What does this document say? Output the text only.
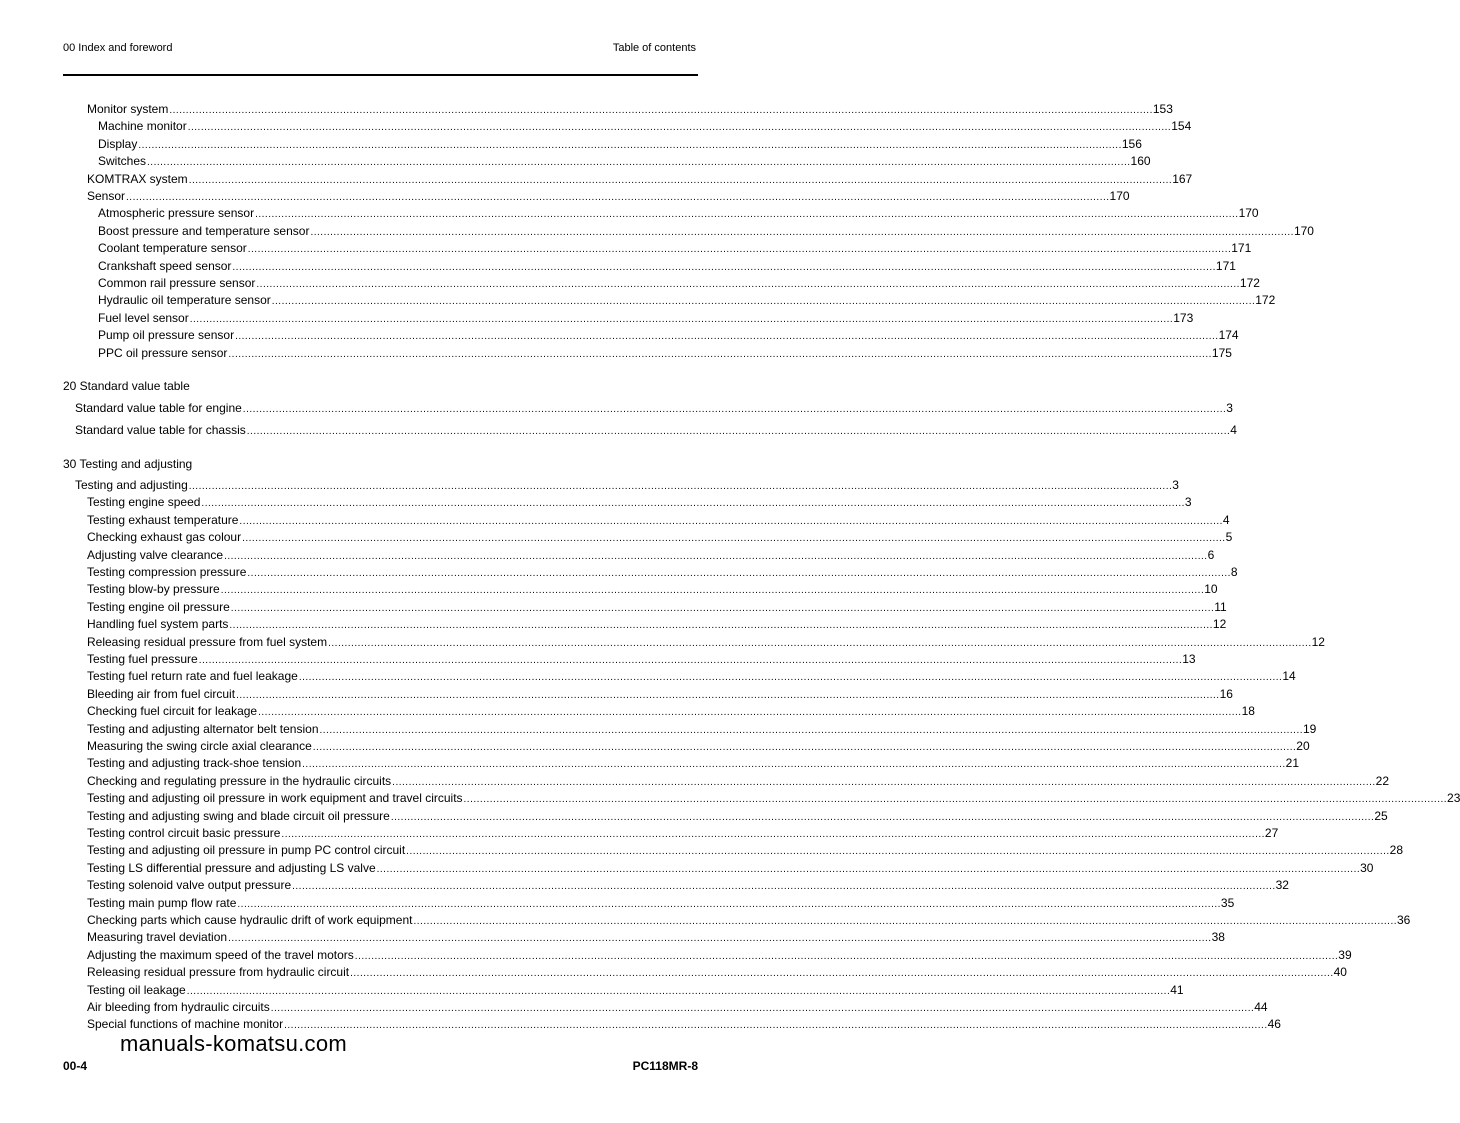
00 Index and foreword	Table of contents
Monitor system ............................................................................................................................................................................................................................................................................................................ 153
Machine monitor ............................................................................................................................................................................................................................................................................................................ 154
Display ............................................................................................................................................................................................................................................................................................................ 156
Switches ............................................................................................................................................................................................................................................................................................................ 160
KOMTRAX system ............................................................................................................................................................................................................................................................................................................ 167
Sensor ............................................................................................................................................................................................................................................................................................................ 170
Atmospheric pressure sensor ............................................................................................................................................................................................................................................................................................................ 170
Boost pressure and temperature sensor ............................................................................................................................................................................................................................................................................................................ 170
Coolant temperature sensor ............................................................................................................................................................................................................................................................................................................ 171
Crankshaft speed sensor ............................................................................................................................................................................................................................................................................................................ 171
Common rail pressure sensor ............................................................................................................................................................................................................................................................................................................ 172
Hydraulic oil temperature sensor ............................................................................................................................................................................................................................................................................................................ 172
Fuel level sensor ............................................................................................................................................................................................................................................................................................................ 173
Pump oil pressure sensor ............................................................................................................................................................................................................................................................................................................ 174
PPC oil pressure sensor ............................................................................................................................................................................................................................................................................................................ 175
20 Standard value table
Standard value table for engine ............................................................................................................................................................................................................................................................................................................ 3
Standard value table for chassis ............................................................................................................................................................................................................................................................................................................ 4
30 Testing and adjusting
Testing and adjusting ............................................................................................................................................................................................................................................................................................................ 3
Testing engine speed ............................................................................................................................................................................................................................................................................................................ 3
Testing exhaust temperature ............................................................................................................................................................................................................................................................................................................ 4
Checking exhaust gas colour ............................................................................................................................................................................................................................................................................................................ 5
Adjusting valve clearance ............................................................................................................................................................................................................................................................................................................ 6
Testing compression pressure ............................................................................................................................................................................................................................................................................................................ 8
Testing blow-by pressure ............................................................................................................................................................................................................................................................................................................ 10
Testing engine oil pressure ............................................................................................................................................................................................................................................................................................................ 11
Handling fuel system parts ............................................................................................................................................................................................................................................................................................................ 12
Releasing residual pressure from fuel system ............................................................................................................................................................................................................................................................................................................ 12
Testing fuel pressure ............................................................................................................................................................................................................................................................................................................ 13
Testing fuel return rate and fuel leakage ............................................................................................................................................................................................................................................................................................................ 14
Bleeding air from fuel circuit ............................................................................................................................................................................................................................................................................................................ 16
Checking fuel circuit for leakage ............................................................................................................................................................................................................................................................................................................ 18
Testing and adjusting alternator belt tension ............................................................................................................................................................................................................................................................................................................ 19
Measuring the swing circle axial clearance ............................................................................................................................................................................................................................................................................................................ 20
Testing and adjusting track-shoe tension ............................................................................................................................................................................................................................................................................................................ 21
Checking and regulating pressure in the hydraulic circuits ............................................................................................................................................................................................................................................................................................................ 22
Testing and adjusting oil pressure in work equipment and travel circuits ............................................................................................................................................................................................................................................................................................................ 23
Testing and adjusting swing and blade circuit oil pressure ............................................................................................................................................................................................................................................................................................................ 25
Testing control circuit basic pressure ............................................................................................................................................................................................................................................................................................................ 27
Testing and adjusting oil pressure in pump PC control circuit ............................................................................................................................................................................................................................................................................................................ 28
Testing LS differential pressure and adjusting LS valve ............................................................................................................................................................................................................................................................................................................ 30
Testing solenoid valve output pressure ............................................................................................................................................................................................................................................................................................................ 32
Testing main pump flow rate ............................................................................................................................................................................................................................................................................................................ 35
Checking parts which cause hydraulic drift of work equipment ............................................................................................................................................................................................................................................................................................................ 36
Measuring travel deviation ............................................................................................................................................................................................................................................................................................................ 38
Adjusting the maximum speed of the travel motors ............................................................................................................................................................................................................................................................................................................ 39
Releasing residual pressure from hydraulic circuit ............................................................................................................................................................................................................................................................................................................ 40
Testing oil leakage ............................................................................................................................................................................................................................................................................................................ 41
Air bleeding from hydraulic circuits ............................................................................................................................................................................................................................................................................................................ 44
Special functions of machine monitor ............................................................................................................................................................................................................................................................................................................ 46
manuals-komatsu.com
00-4	PC118MR-8
